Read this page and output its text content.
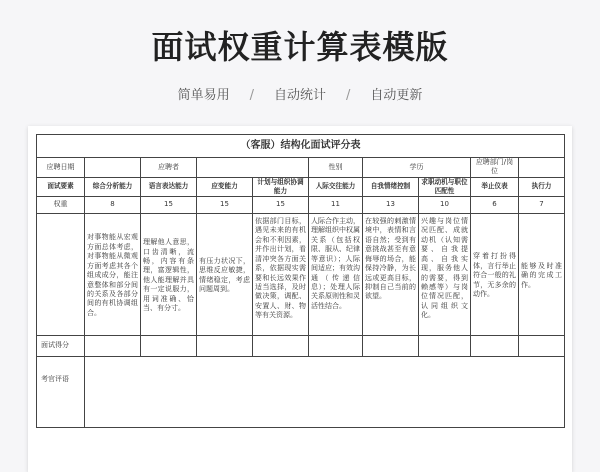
面试权重计算表模版
简单易用 / 自动统计 / 自动更新
（客服）结构化面试评分表									
应聘日期		应聘者			性别	学历		应聘部门/岗位	
面试要素	综合分析能力	语言表达能力	应变能力	计划与组织协调能力	人际交往能力	自我情绪控制	求职动机与职位匹配性	举止仪表	执行力
权重	8	15	15	15	11	13	10	6	7
	对事物能从宏观方面总体考虑，对事物能从微观方面考虑其各个组成成分，能注意整体和部分间的关系及各部分间的有机协调组合。	理解他人意思，口齿清晰，流畅，内容有条理，富逻辑性，他人能理解并具有一定说服力，用词准确、恰当、有分寸。	有压力状况下，思维反应敏捷，情绪稳定，考虑问题周到。	依据部门目标，遇见未来的有机会和不利因素，并作出计划，看清冲突各方面关系，依据现实需要和长远效果作适当选择，及时做决策，调配、安置人、财、物等有关资源。	人际合作主动，理解组织中权属关系（包括权限、服从、纪律等意识）；人际间适应；有效沟通（传递信息）；处理人际关系原则性和灵活性结合。	在较强的刺激情境中，表情和言语自然；受到有意挑战甚至有意侮辱的场合，能保持冷静，为长远或更高目标，抑制自己当前的欲望。	兴趣与岗位情况匹配、成就动机（认知需要、自我提高、自我实现，服务他人的需要，得到赖感等）与岗位情况匹配，认同组织文化。	穿着打扮得体，言行举止符合一般的礼节，无多余的动作。	能够及时准确的完成工作。
面试得分									
考官评语									
